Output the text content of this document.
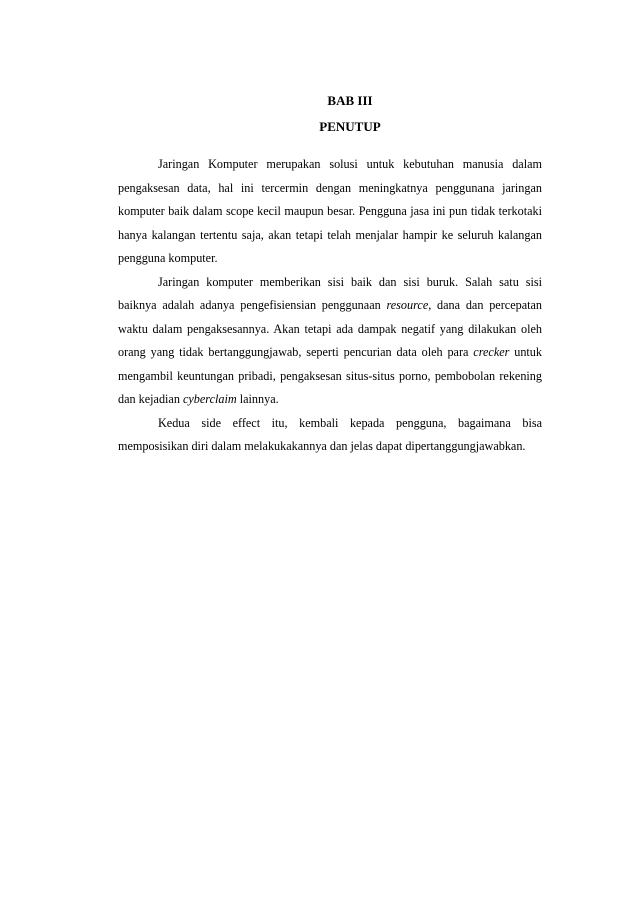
BAB III
PENUTUP

Jaringan Komputer merupakan solusi untuk kebutuhan manusia dalam pengaksesan data, hal ini tercermin dengan meningkatnya penggunana jaringan komputer baik dalam scope kecil maupun besar. Pengguna jasa ini pun tidak terkotaki hanya kalangan tertentu saja, akan tetapi telah menjalar hampir ke seluruh kalangan pengguna komputer.

Jaringan komputer memberikan sisi baik dan sisi buruk. Salah satu sisi baiknya adalah adanya pengefisiensian penggunaan resource, dana dan percepatan waktu dalam pengaksesannya. Akan tetapi ada dampak negatif yang dilakukan oleh orang yang tidak bertanggungjawab, seperti pencurian data oleh para crecker untuk mengambil keuntungan pribadi, pengaksesan situs-situs porno, pembobolan rekening dan kejadian cyberclaim lainnya.

Kedua side effect itu, kembali kepada pengguna, bagaimana bisa memposisikan diri dalam melakukakannya dan jelas dapat dipertanggungjawabkan.
